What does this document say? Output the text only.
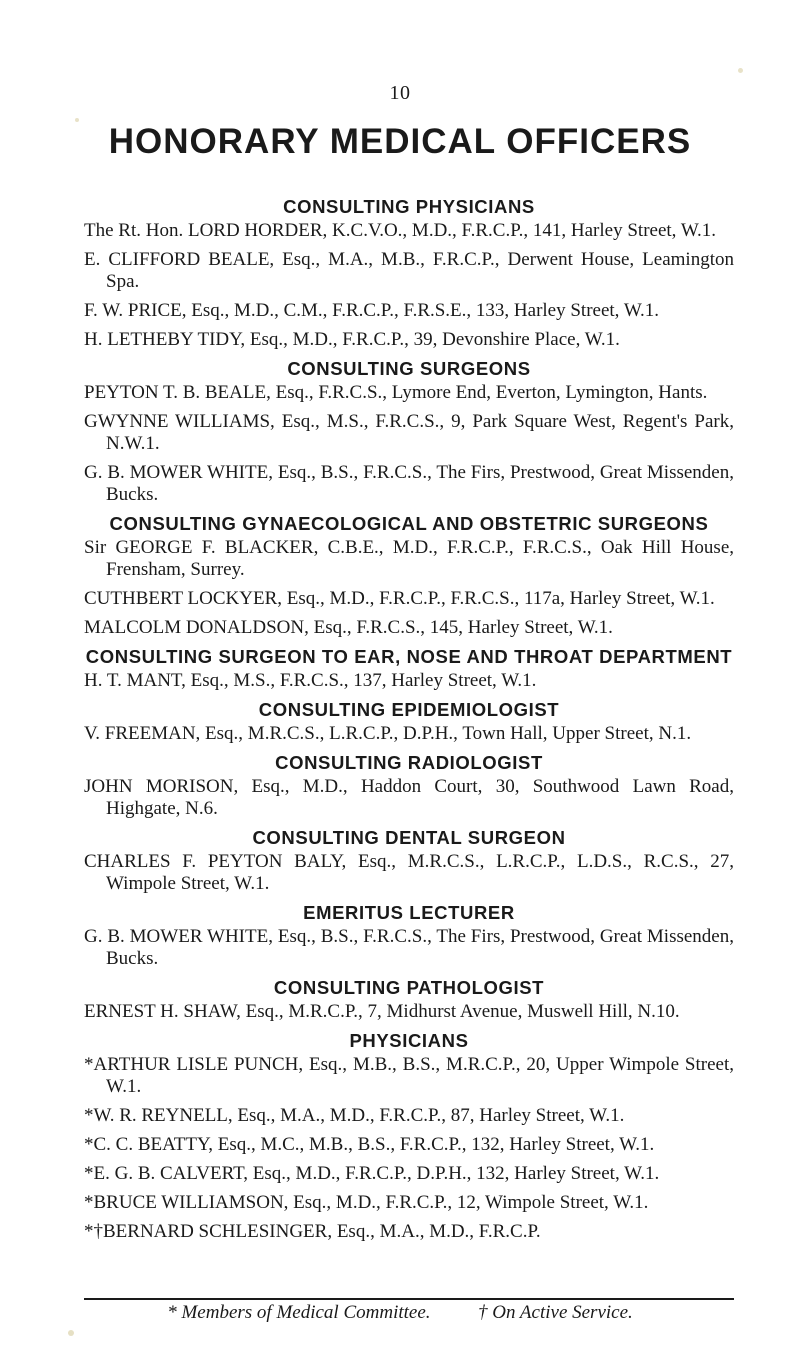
10
HONORARY MEDICAL OFFICERS
CONSULTING PHYSICIANS

The Rt. Hon. LORD HORDER, K.C.V.O., M.D., F.R.C.P., 141, Harley Street, W.1.

E. CLIFFORD BEALE, Esq., M.A., M.B., F.R.C.P., Derwent House, Leamington Spa.

F. W. PRICE, Esq., M.D., C.M., F.R.C.P., F.R.S.E., 133, Harley Street, W.1.

H. LETHEBY TIDY, Esq., M.D., F.R.C.P., 39, Devonshire Place, W.1.

CONSULTING SURGEONS

PEYTON T. B. BEALE, Esq., F.R.C.S., Lymore End, Everton, Lymington, Hants.

GWYNNE WILLIAMS, Esq., M.S., F.R.C.S., 9, Park Square West, Regent's Park, N.W.1.

G. B. MOWER WHITE, Esq., B.S., F.R.C.S., The Firs, Prestwood, Great Missenden, Bucks.

CONSULTING GYNAECOLOGICAL AND OBSTETRIC SURGEONS

Sir GEORGE F. BLACKER, C.B.E., M.D., F.R.C.P., F.R.C.S., Oak Hill House, Frensham, Surrey.

CUTHBERT LOCKYER, Esq., M.D., F.R.C.P., F.R.C.S., 117a, Harley Street, W.1.

MALCOLM DONALDSON, Esq., F.R.C.S., 145, Harley Street, W.1.

CONSULTING SURGEON TO EAR, NOSE AND THROAT DEPARTMENT

H. T. MANT, Esq., M.S., F.R.C.S., 137, Harley Street, W.1.

CONSULTING EPIDEMIOLOGIST

V. FREEMAN, Esq., M.R.C.S., L.R.C.P., D.P.H., Town Hall, Upper Street, N.1.

CONSULTING RADIOLOGIST

JOHN MORISON, Esq., M.D., Haddon Court, 30, Southwood Lawn Road, Highgate, N.6.

CONSULTING DENTAL SURGEON

CHARLES F. PEYTON BALY, Esq., M.R.C.S., L.R.C.P., L.D.S., R.C.S., 27, Wimpole Street, W.1.

EMERITUS LECTURER

G. B. MOWER WHITE, Esq., B.S., F.R.C.S., The Firs, Prestwood, Great Missenden, Bucks.

CONSULTING PATHOLOGIST

ERNEST H. SHAW, Esq., M.R.C.P., 7, Midhurst Avenue, Muswell Hill, N.10.

PHYSICIANS

*ARTHUR LISLE PUNCH, Esq., M.B., B.S., M.R.C.P., 20, Upper Wimpole Street, W.1.

*W. R. REYNELL, Esq., M.A., M.D., F.R.C.P., 87, Harley Street, W.1.

*C. C. BEATTY, Esq., M.C., M.B., B.S., F.R.C.P., 132, Harley Street, W.1.

*E. G. B. CALVERT, Esq., M.D., F.R.C.P., D.P.H., 132, Harley Street, W.1.

*BRUCE WILLIAMSON, Esq., M.D., F.R.C.P., 12, Wimpole Street, W.1.

*†BERNARD SCHLESINGER, Esq., M.A., M.D., F.R.C.P.

* Members of Medical Committee.	† On Active Service.
